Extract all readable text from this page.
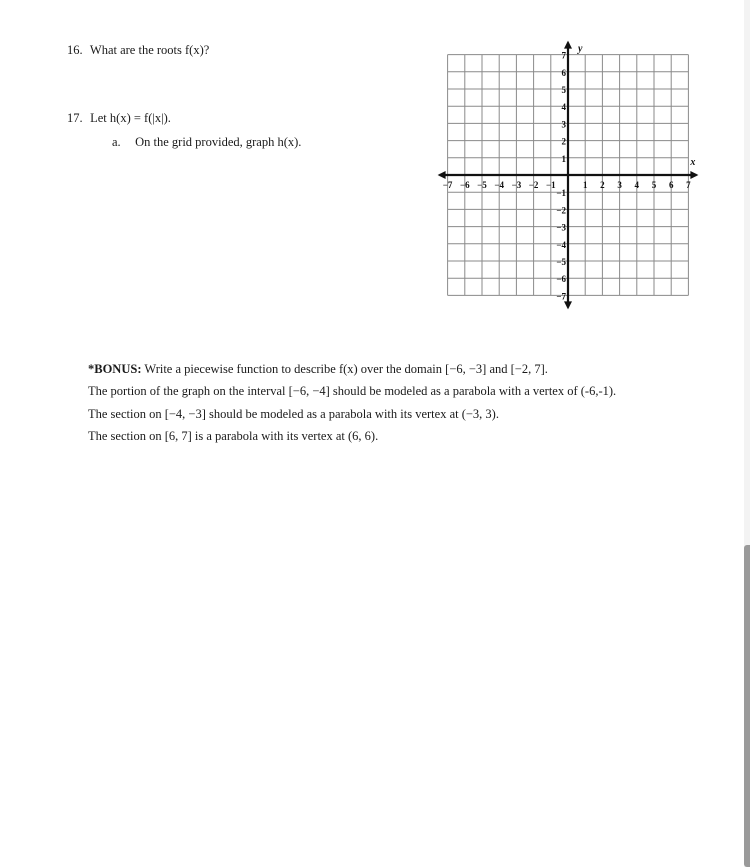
16. What are the roots f(x)?
17. Let h(x) = f(|x|).
a. On the grid provided, graph h(x).
x
y
−7 −6 −5 −4 −3 −2 −1	1 2 3 4 5 6 7
7
6
5
4
3
2
1
−1
−2
−3
−4
−5
−6
−7
*BONUS: Write a piecewise function to describe f(x) over the domain [−6, −3] and [−2, 7].
The portion of the graph on the interval [−6, −4] should be modeled as a parabola with a vertex of (-6,-1).
The section on [−4, −3] should be modeled as a parabola with its vertex at (−3, 3).
The section on [6, 7] is a parabola with its vertex at (6, 6).
